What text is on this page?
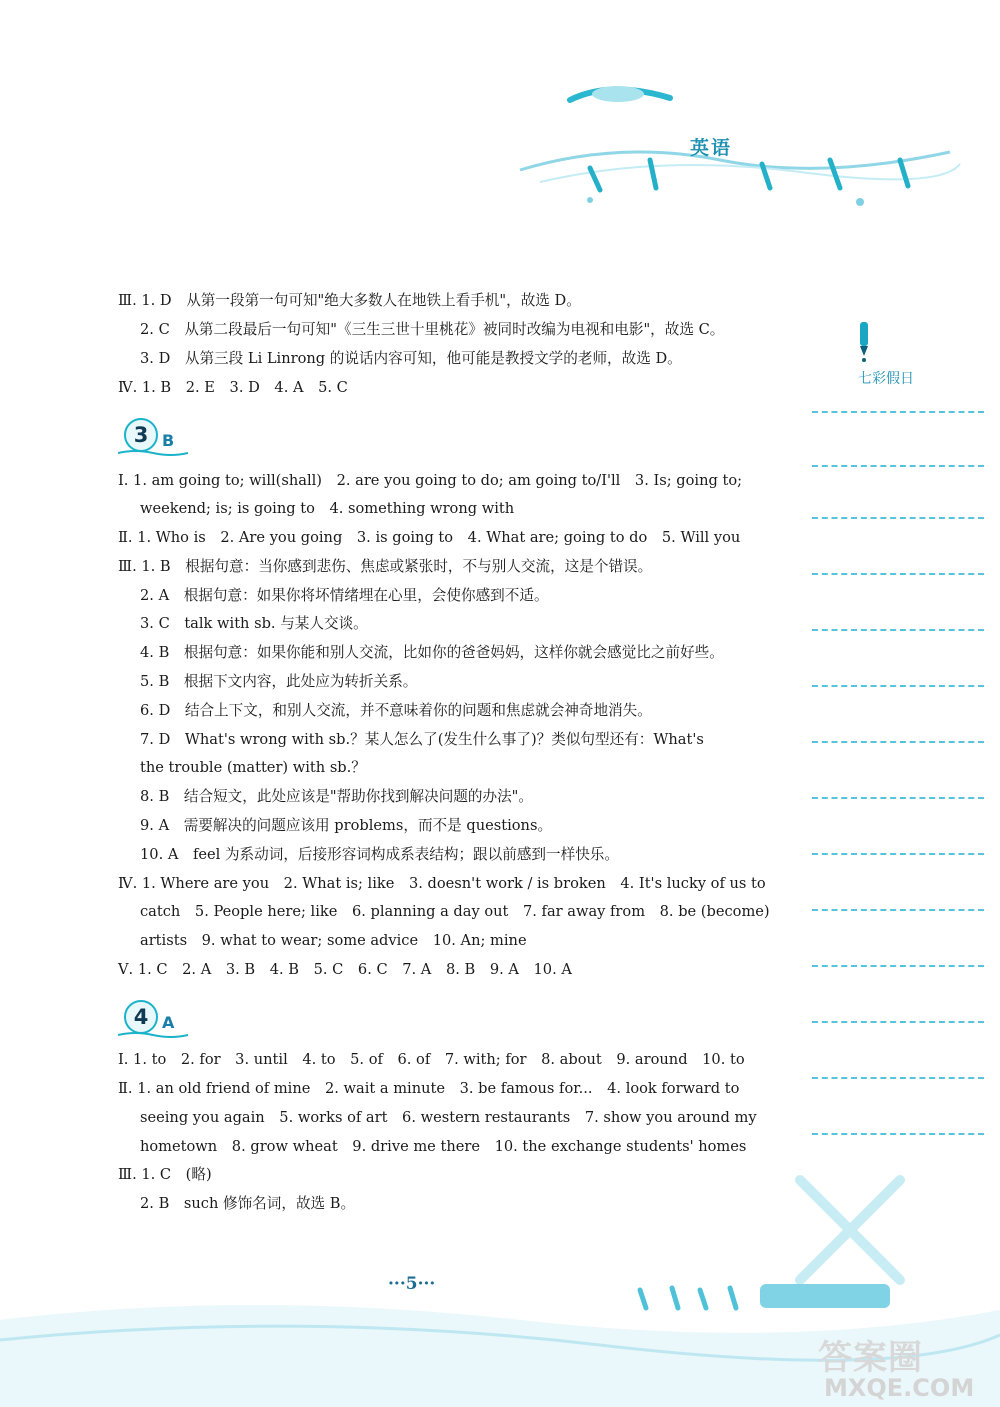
英语
七彩假日
Ⅲ. 1. D　从第一段第一句可知"绝大多数人在地铁上看手机"，故选 D。
2. C　从第二段最后一句可知"《三生三世十里桃花》被同时改编为电视和电影"，故选 C。
3. D　从第三段 Li Linrong 的说话内容可知，他可能是教授文学的老师，故选 D。
Ⅳ. 1. B　2. E　3. D　4. A　5. C
3 B
Ⅰ. 1. am going to; will(shall)　2. are you going to do; am going to/I'll　3. Is; going to;
weekend; is; is going to　4. something wrong with
Ⅱ. 1. Who is　2. Are you going　3. is going to　4. What are; going to do　5. Will you
Ⅲ. 1. B　根据句意：当你感到悲伤、焦虑或紧张时，不与别人交流，这是个错误。
2. A　根据句意：如果你将坏情绪埋在心里，会使你感到不适。
3. C　talk with sb. 与某人交谈。
4. B　根据句意：如果你能和别人交流，比如你的爸爸妈妈，这样你就会感觉比之前好些。
5. B　根据下文内容，此处应为转折关系。
6. D　结合上下文，和别人交流，并不意味着你的问题和焦虑就会神奇地消失。
7. D　What's wrong with sb.？某人怎么了(发生什么事了)？类似句型还有：What's
the trouble (matter) with sb.？
8. B　结合短文，此处应该是"帮助你找到解决问题的办法"。
9. A　需要解决的问题应该用 problems，而不是 questions。
10. A　feel 为系动词，后接形容词构成系表结构；跟以前感到一样快乐。
Ⅳ. 1. Where are you　2. What is; like　3. doesn't work / is broken　4. It's lucky of us to
catch　5. People here; like　6. planning a day out　7. far away from　8. be (become)
artists　9. what to wear; some advice　10. An; mine
Ⅴ. 1. C　2. A　3. B　4. B　5. C　6. C　7. A　8. B　9. A　10. A
4 A
Ⅰ. 1. to　2. for　3. until　4. to　5. of　6. of　7. with; for　8. about　9. around　10. to
Ⅱ. 1. an old friend of mine　2. wait a minute　3. be famous for...　4. look forward to
seeing you again　5. works of art　6. western restaurants　7. show you around my
hometown　8. grow wheat　9. drive me there　10. the exchange students' homes
Ⅲ. 1. C　(略)
2. B　such 修饰名词，故选 B。
···5···
答案圈
MXQE.COM
